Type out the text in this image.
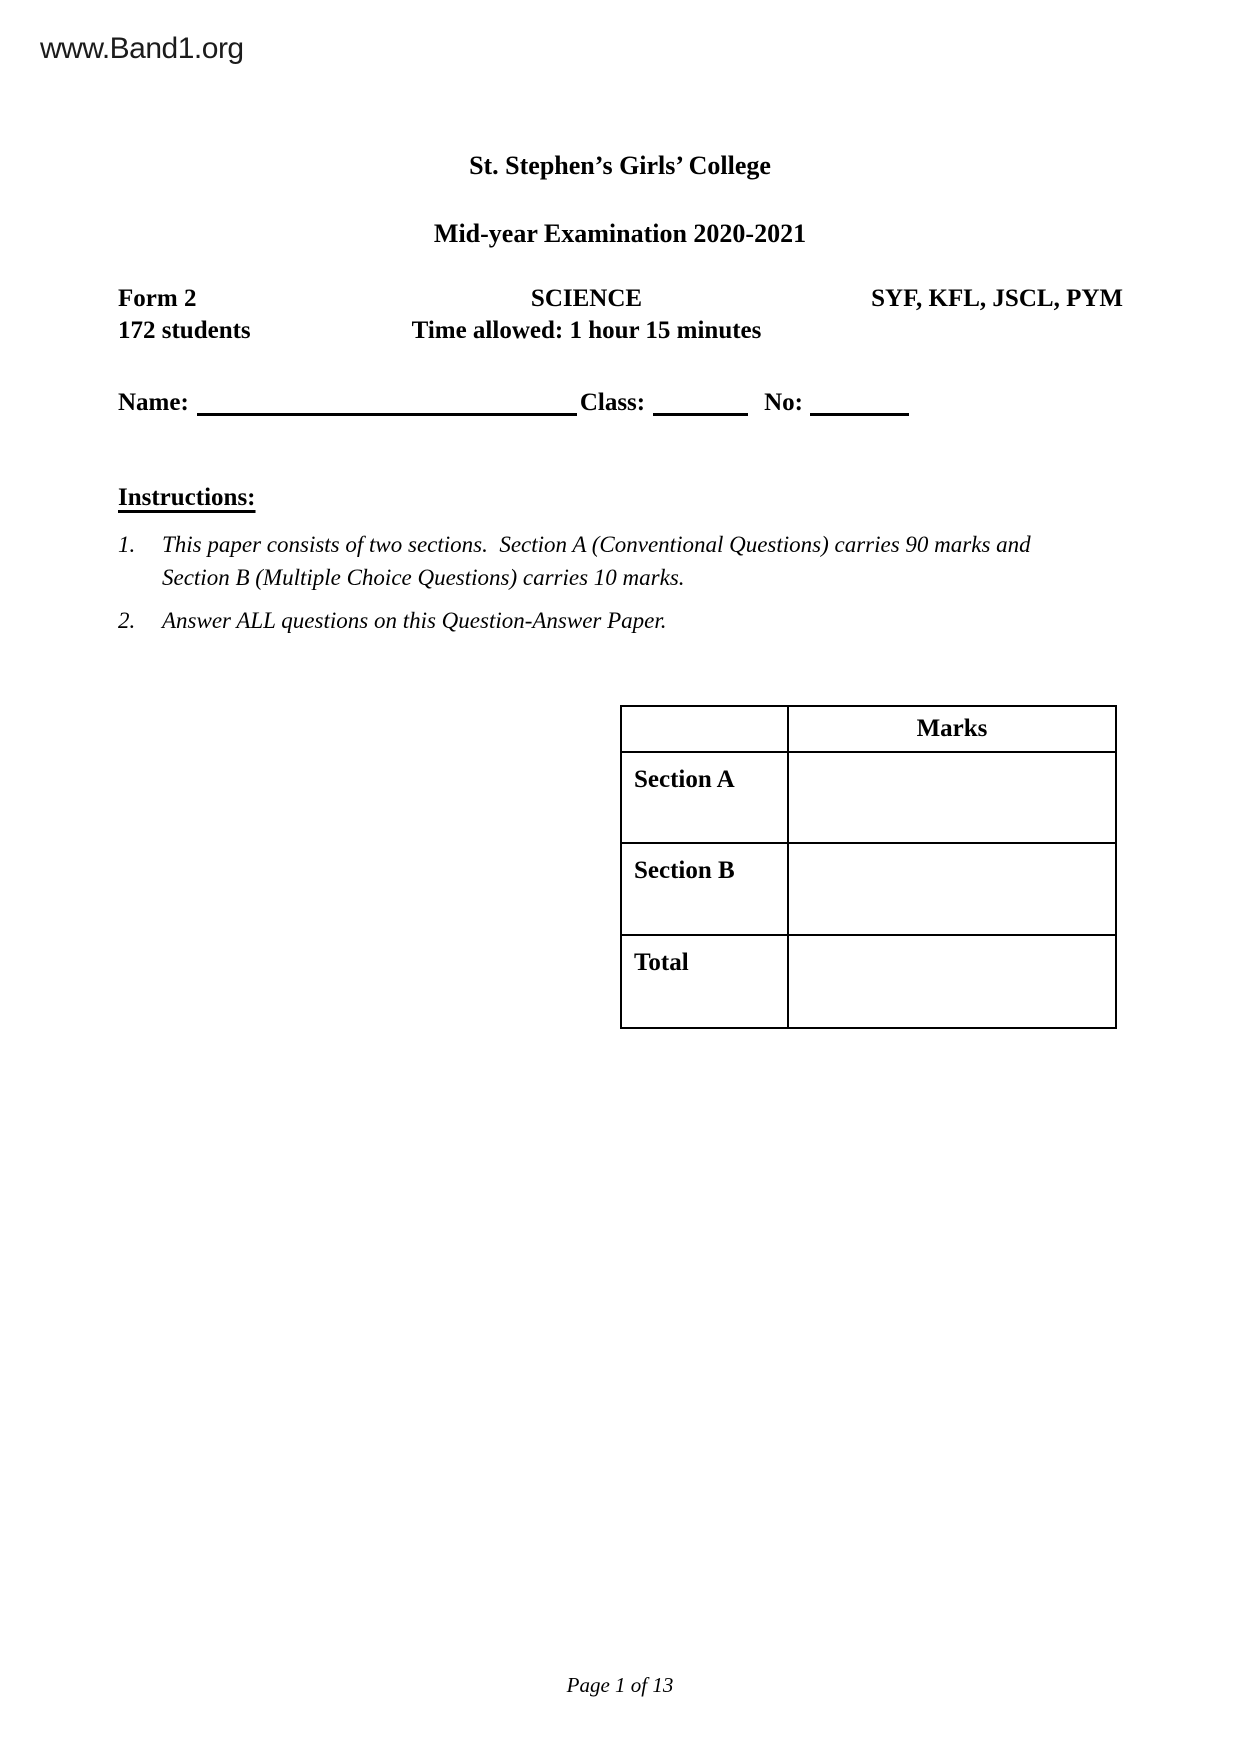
www.Band1.org
St. Stephen’s Girls’ College
Mid-year Examination 2020-2021
Form 2	SCIENCE	SYF, KFL, JSCL, PYM
172 students	Time allowed: 1 hour 15 minutes
Name:	Class:	No:
Instructions:
1.	This paper consists of two sections.  Section A (Conventional Questions) carries 90 marks and
Section B (Multiple Choice Questions) carries 10 marks.
2.	Answer ALL questions on this Question-Answer Paper.
	Marks
Section A	
Section B	
Total	
Page 1 of 13
